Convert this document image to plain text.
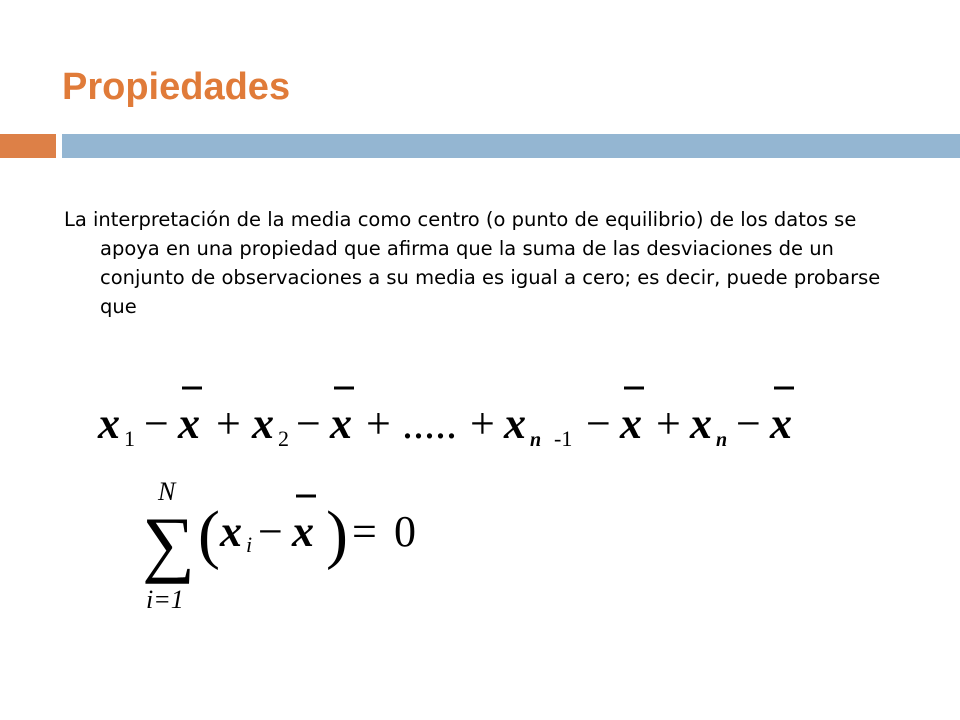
Propiedades

La interpretación de la media como centro (o punto de equilibrio) de los datos se apoya en una propiedad que afirma que la suma de las desviaciones de un conjunto de observaciones a su media es igual a cero; es decir, puede probarse que

x 1 − x + x 2 − x + ..... + x n -1 − x + x n − x
N
∑
i=1
( x i − x ) = 0
